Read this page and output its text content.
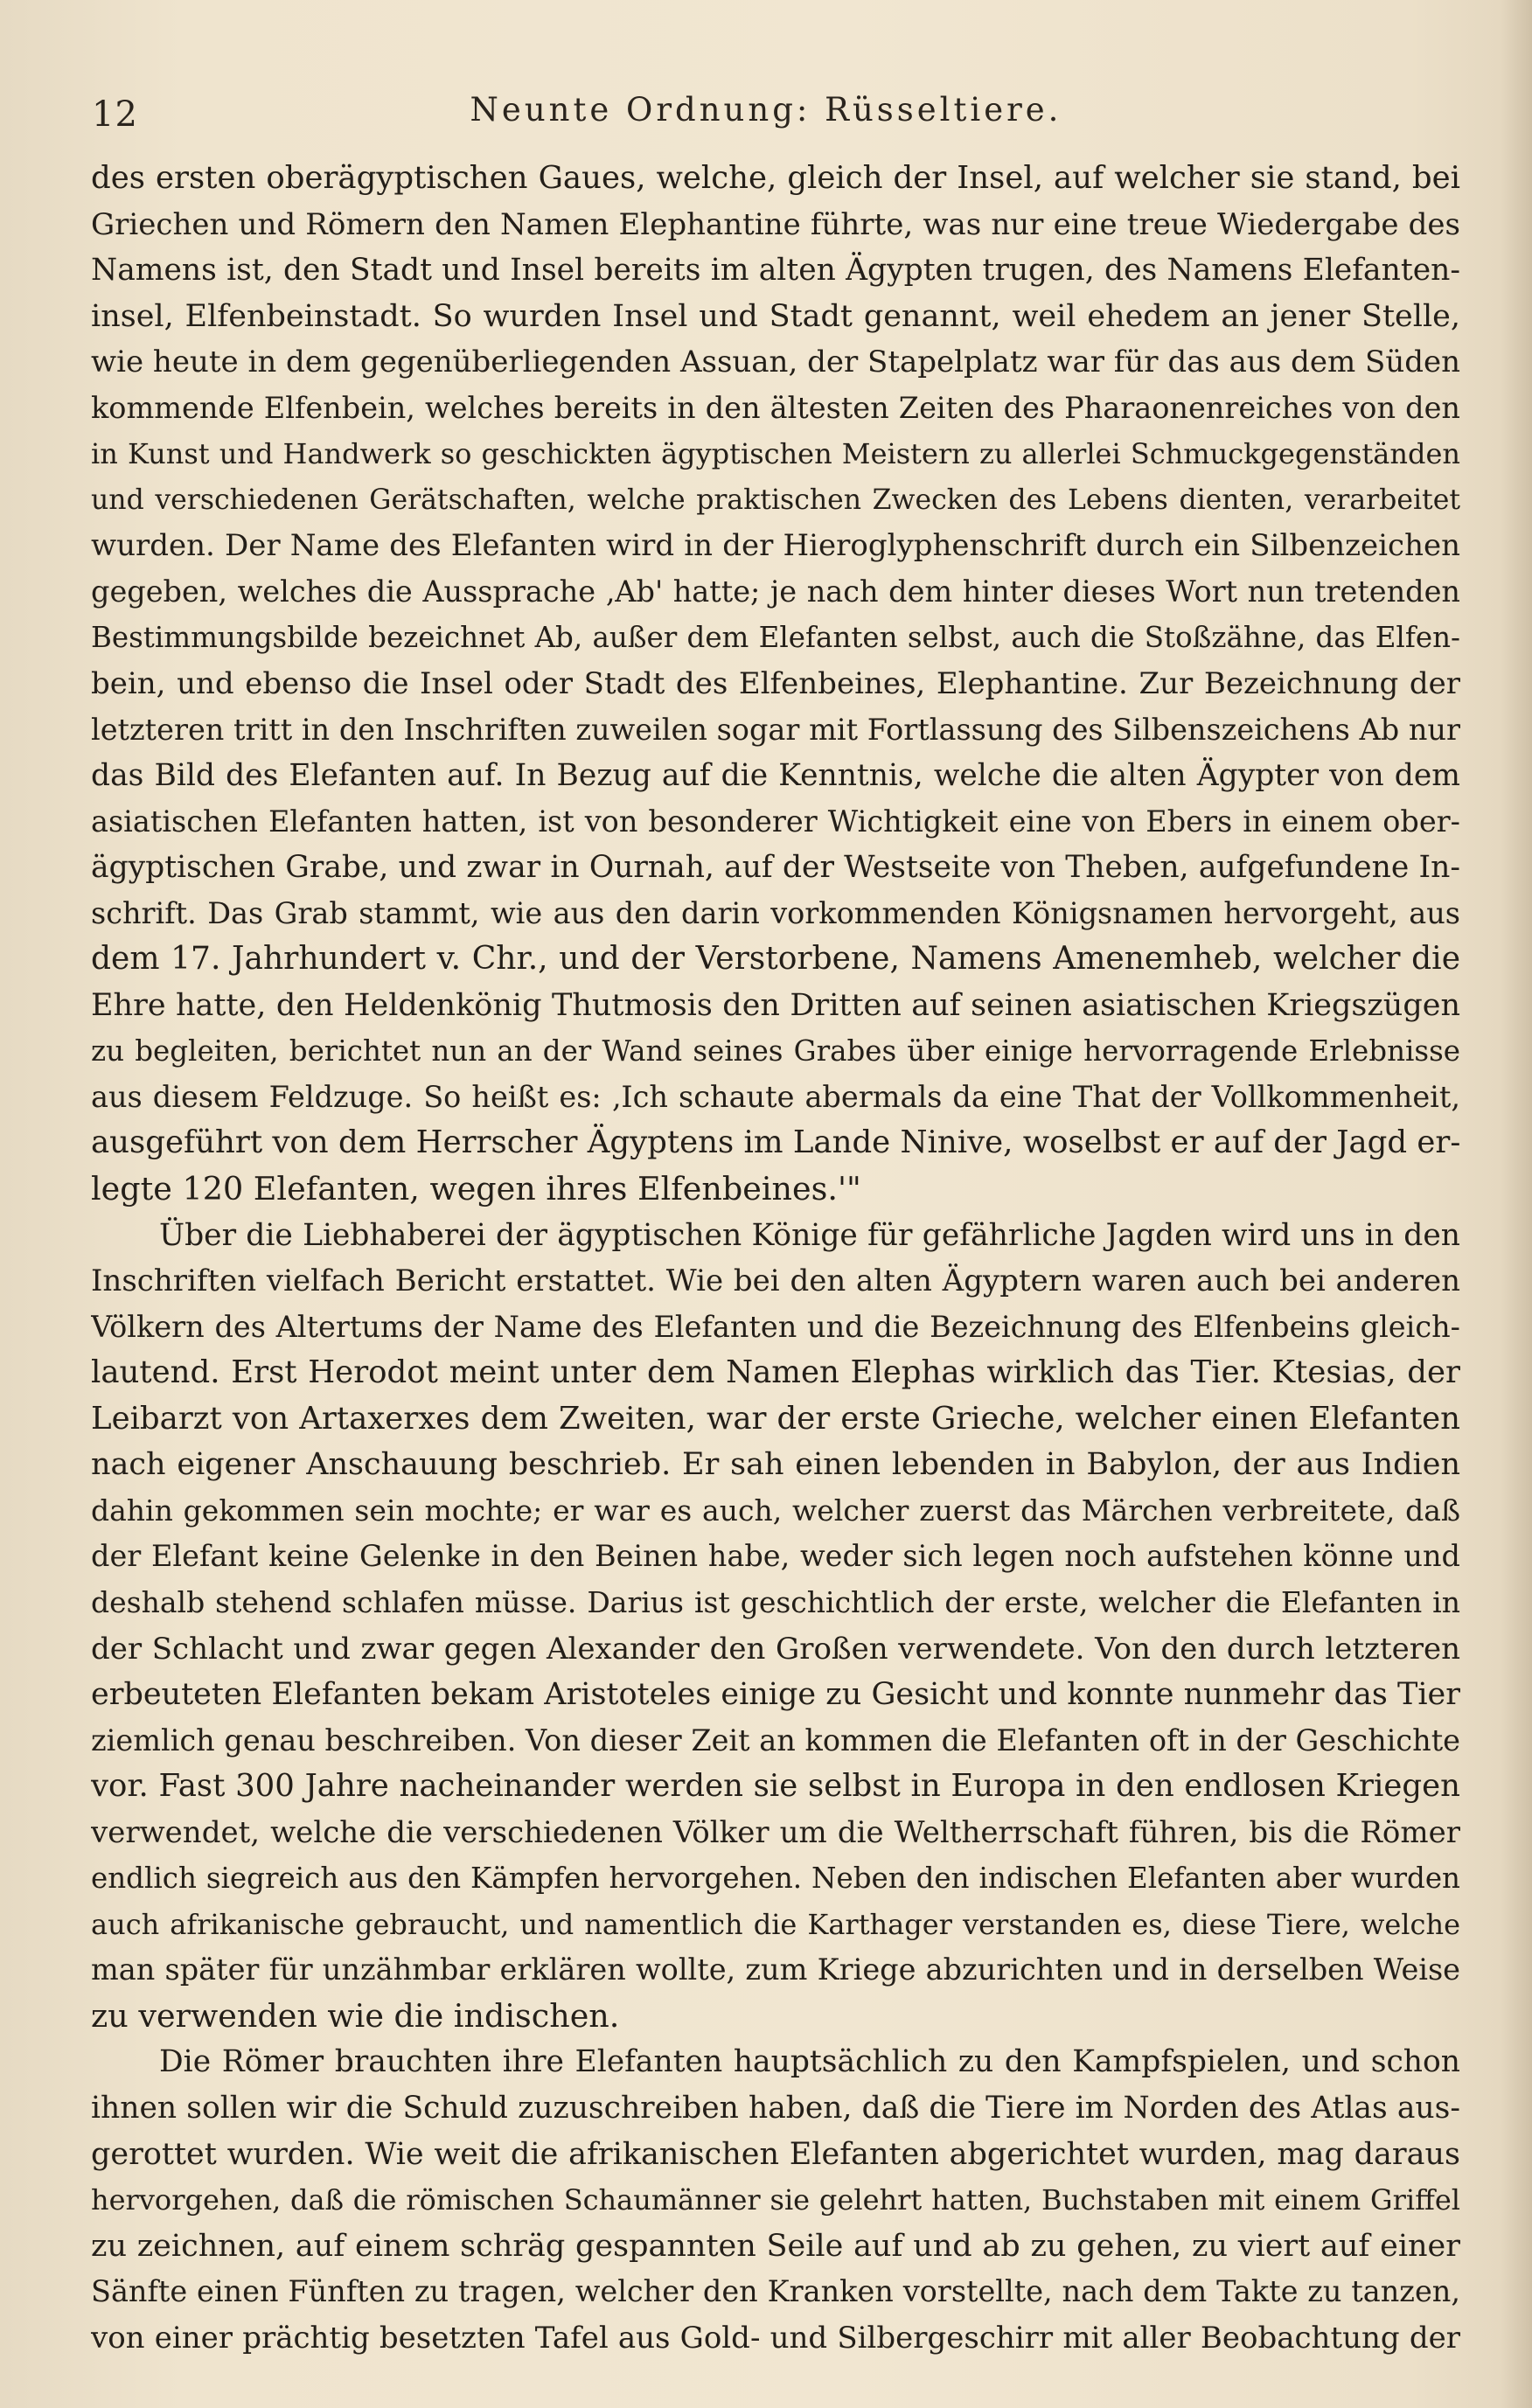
12	Neunte Ordnung: Rüsseltiere.
des ersten oberägyptischen Gaues, welche, gleich der Insel, auf welcher sie stand, bei
Griechen und Römern den Namen Elephantine führte, was nur eine treue Wiedergabe des
Namens ist, den Stadt und Insel bereits im alten Ägypten trugen, des Namens Elefanten-
insel, Elfenbeinstadt. So wurden Insel und Stadt genannt, weil ehedem an jener Stelle,
wie heute in dem gegenüberliegenden Assuan, der Stapelplatz war für das aus dem Süden
kommende Elfenbein, welches bereits in den ältesten Zeiten des Pharaonenreiches von den
in Kunst und Handwerk so geschickten ägyptischen Meistern zu allerlei Schmuckgegenständen
und verschiedenen Gerätschaften, welche praktischen Zwecken des Lebens dienten, verarbeitet
wurden. Der Name des Elefanten wird in der Hieroglyphenschrift durch ein Silbenzeichen
gegeben, welches die Aussprache ‚Ab' hatte; je nach dem hinter dieses Wort nun tretenden
Bestimmungsbilde bezeichnet Ab, außer dem Elefanten selbst, auch die Stoßzähne, das Elfen-
bein, und ebenso die Insel oder Stadt des Elfenbeines, Elephantine. Zur Bezeichnung der
letzteren tritt in den Inschriften zuweilen sogar mit Fortlassung des Silbenszeichens Ab nur
das Bild des Elefanten auf. In Bezug auf die Kenntnis, welche die alten Ägypter von dem
asiatischen Elefanten hatten, ist von besonderer Wichtigkeit eine von Ebers in einem ober-
ägyptischen Grabe, und zwar in Ournah, auf der Westseite von Theben, aufgefundene In-
schrift. Das Grab stammt, wie aus den darin vorkommenden Königsnamen hervorgeht, aus
dem 17. Jahrhundert v. Chr., und der Verstorbene, Namens Amenemheb, welcher die
Ehre hatte, den Heldenkönig Thutmosis den Dritten auf seinen asiatischen Kriegszügen
zu begleiten, berichtet nun an der Wand seines Grabes über einige hervorragende Erlebnisse
aus diesem Feldzuge. So heißt es: ‚Ich schaute abermals da eine That der Vollkommenheit,
ausgeführt von dem Herrscher Ägyptens im Lande Ninive, woselbst er auf der Jagd er-
legte 120 Elefanten, wegen ihres Elfenbeines.'"
Über die Liebhaberei der ägyptischen Könige für gefährliche Jagden wird uns in den
Inschriften vielfach Bericht erstattet. Wie bei den alten Ägyptern waren auch bei anderen
Völkern des Altertums der Name des Elefanten und die Bezeichnung des Elfenbeins gleich-
lautend. Erst Herodot meint unter dem Namen Elephas wirklich das Tier. Ktesias, der
Leibarzt von Artaxerxes dem Zweiten, war der erste Grieche, welcher einen Elefanten
nach eigener Anschauung beschrieb. Er sah einen lebenden in Babylon, der aus Indien
dahin gekommen sein mochte; er war es auch, welcher zuerst das Märchen verbreitete, daß
der Elefant keine Gelenke in den Beinen habe, weder sich legen noch aufstehen könne und
deshalb stehend schlafen müsse. Darius ist geschichtlich der erste, welcher die Elefanten in
der Schlacht und zwar gegen Alexander den Großen verwendete. Von den durch letzteren
erbeuteten Elefanten bekam Aristoteles einige zu Gesicht und konnte nunmehr das Tier
ziemlich genau beschreiben. Von dieser Zeit an kommen die Elefanten oft in der Geschichte
vor. Fast 300 Jahre nacheinander werden sie selbst in Europa in den endlosen Kriegen
verwendet, welche die verschiedenen Völker um die Weltherrschaft führen, bis die Römer
endlich siegreich aus den Kämpfen hervorgehen. Neben den indischen Elefanten aber wurden
auch afrikanische gebraucht, und namentlich die Karthager verstanden es, diese Tiere, welche
man später für unzähmbar erklären wollte, zum Kriege abzurichten und in derselben Weise
zu verwenden wie die indischen.
Die Römer brauchten ihre Elefanten hauptsächlich zu den Kampfspielen, und schon
ihnen sollen wir die Schuld zuzuschreiben haben, daß die Tiere im Norden des Atlas aus-
gerottet wurden. Wie weit die afrikanischen Elefanten abgerichtet wurden, mag daraus
hervorgehen, daß die römischen Schaumänner sie gelehrt hatten, Buchstaben mit einem Griffel
zu zeichnen, auf einem schräg gespannten Seile auf und ab zu gehen, zu viert auf einer
Sänfte einen Fünften zu tragen, welcher den Kranken vorstellte, nach dem Takte zu tanzen,
von einer prächtig besetzten Tafel aus Gold- und Silbergeschirr mit aller Beobachtung der
